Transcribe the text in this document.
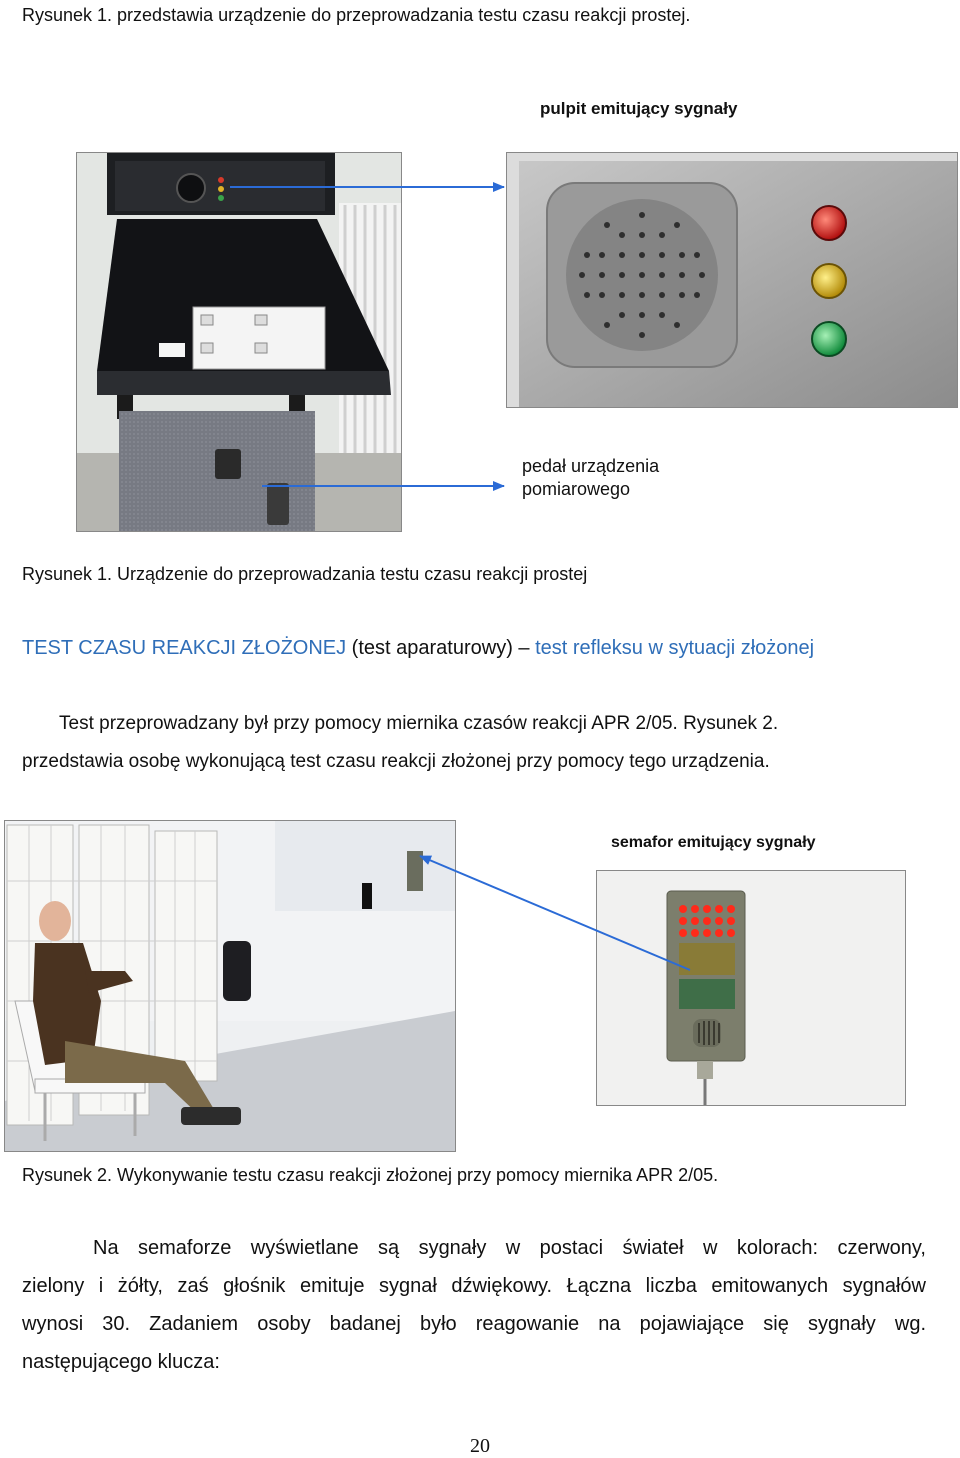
Rysunek 1. przedstawia urządzenie do przeprowadzania testu czasu reakcji prostej.
pulpit emitujący sygnały
pedał urządzenia
pomiarowego
Rysunek 1. Urządzenie do przeprowadzania testu czasu reakcji prostej
TEST CZASU REAKCJI ZŁOŻONEJ (test aparaturowy) – test refleksu w sytuacji złożonej
Test przeprowadzany był przy pomocy miernika czasów reakcji APR 2/05. Rysunek 2.
przedstawia osobę wykonującą test czasu reakcji złożonej przy pomocy tego urządzenia.
semafor emitujący sygnały
Rysunek 2. Wykonywanie testu czasu reakcji złożonej przy pomocy miernika APR 2/05.
Na semaforze wyświetlane są sygnały w postaci świateł w kolorach: czerwony,
zielony i żółty, zaś głośnik emituje sygnał dźwiękowy. Łączna liczba emitowanych sygnałów
wynosi 30. Zadaniem osoby badanej było reagowanie na pojawiające się sygnały wg.
następującego klucza:
20
